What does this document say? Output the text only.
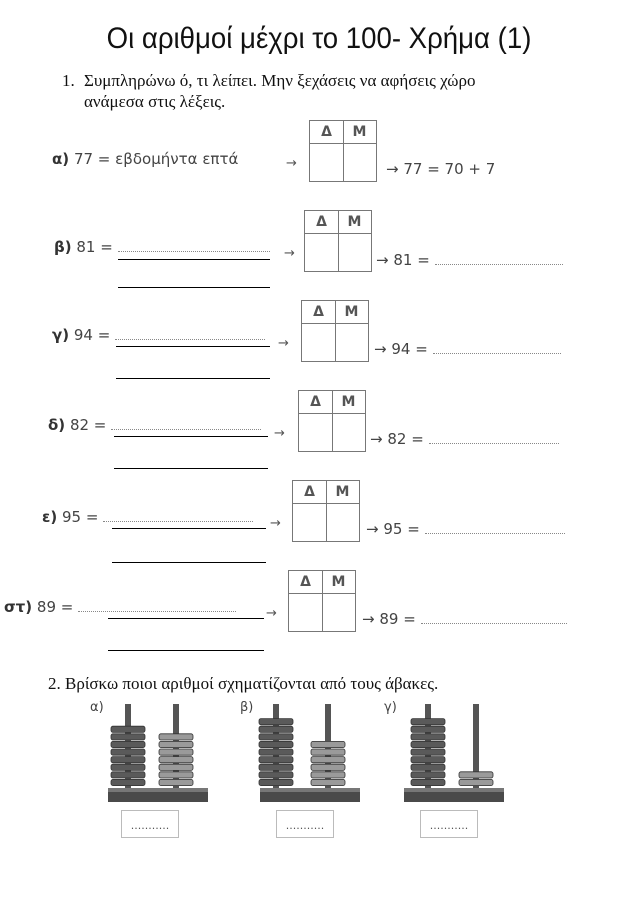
Οι αριθμοί μέχρι το 100- Χρήμα (1)
1. Συμπληρώνω ό, τι λείπει. Μην ξεχάσεις να αφήσεις χώρο
ανάμεσα στις λέξεις.
α) 77 = εβδομήντα επτά	→
Δ	Μ
→ 77 = 70 + 7
β) 81 =	→
Δ	Μ
→ 81 =
γ) 94 =	→
Δ	Μ
→ 94 =
δ) 82 =	→
Δ	Μ
→ 82 =
ε) 95 =	→
Δ	Μ
→ 95 =
στ) 89 =	→
Δ	Μ
→ 89 =
2. Βρίσκω ποιοι αριθμοί σχηματίζονται από τους άβακες.
α)	β)	γ)
...........	...........	...........
